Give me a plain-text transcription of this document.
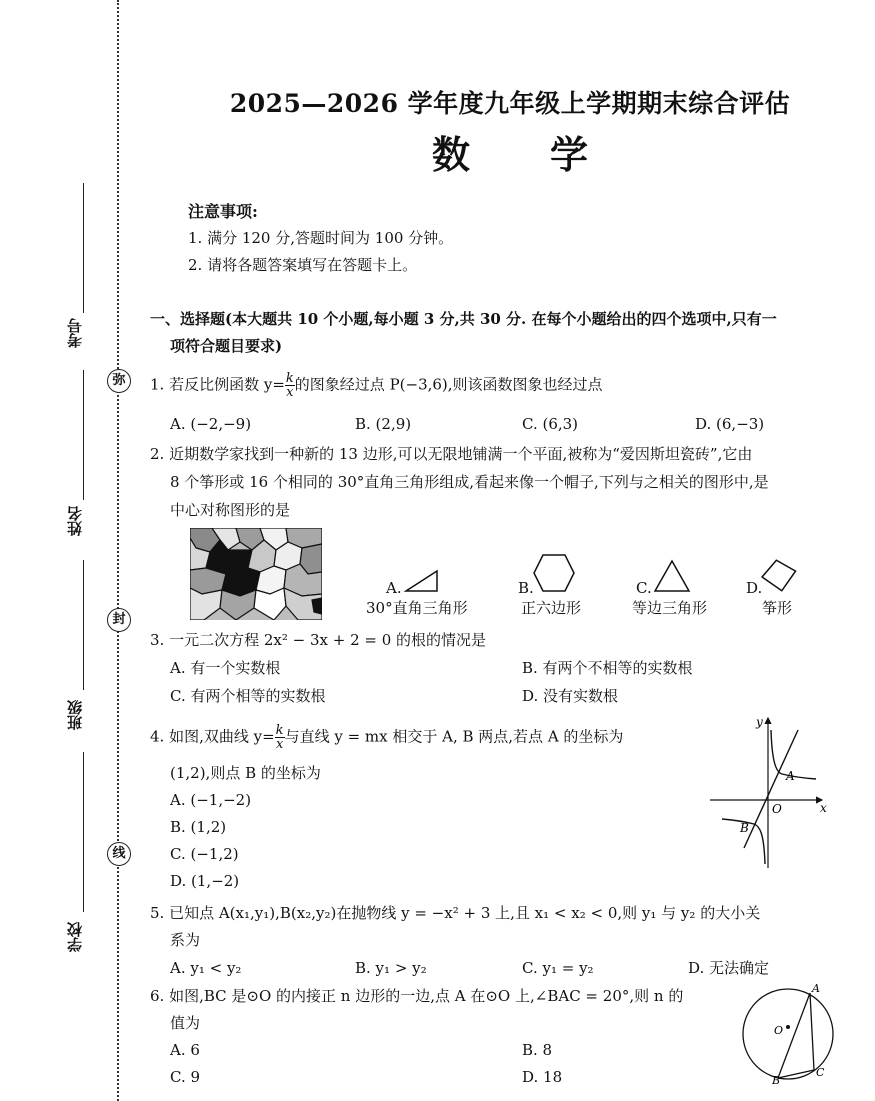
考号
姓名
班级
学校
弥
封
线
2025—2026 学年度九年级上学期期末综合评估
数 学
注意事项:
1. 满分 120 分,答题时间为 100 分钟。
2. 请将各题答案填写在答题卡上。
一、选择题(本大题共 10 个小题,每小题 3 分,共 30 分. 在每个小题给出的四个选项中,只有一
项符合题目要求)
1. 若反比例函数 $y= \frac{k}{x}$ 的图象经过点 P(−3,6),则该函数图象也经过点
A. (−2,−9)	B. (2,9)	C. (6,3)	D. (6,−3)
2. 近期数学家找到一种新的 13 边形,可以无限地铺满一个平面,被称为“爱因斯坦瓷砖”,它由
8 个筝形或 16 个相同的 30°直角三角形组成,看起来像一个帽子,下列与之相关的图形中,是
中心对称图形的是
A.
30°直角三角形
B.
正六边形
C.
等边三角形
D.
筝形
3. 一元二次方程 2x² − 3x + 2 = 0 的根的情况是
A. 有一个实数根	B. 有两个不相等的实数根
C. 有两个相等的实数根	D. 没有实数根
4. 如图,双曲线 $y= \frac{k}{x}$ 与直线 y = mx 相交于 A, B 两点,若点 A 的坐标为
(1,2),则点 B 的坐标为
A. (−1,−2)
B. (1,2)
C. (−1,2)
D. (1,−2)
y
x
O
A
B
5. 已知点 A(x₁,y₁),B(x₂,y₂)在抛物线 y = −x² + 3 上,且 x₁ < x₂ < 0,则 y₁ 与 y₂ 的大小关
系为
A. y₁ < y₂	B. y₁ > y₂	C. y₁ = y₂	D. 无法确定
6. 如图,BC 是⊙O 的内接正 n 边形的一边,点 A 在⊙O 上,∠BAC = 20°,则 n 的
值为
A. 6	B. 8
C. 9	D. 18
A
B
C
O
